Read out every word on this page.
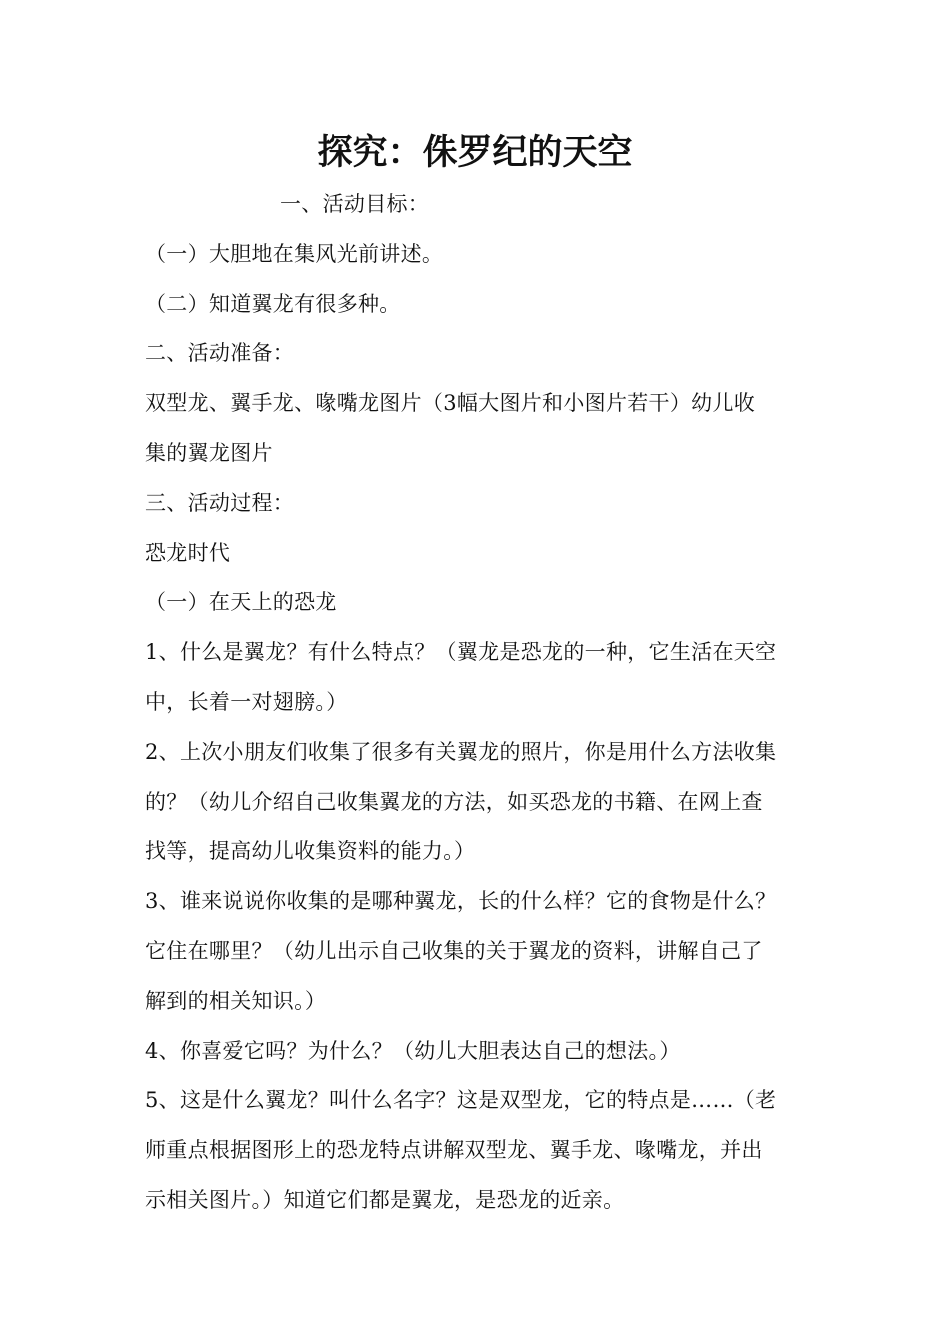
探究：侏罗纪的天空
一、活动目标：
（一）大胆地在集风光前讲述。
（二）知道翼龙有很多种。
二、活动准备：
双型龙、翼手龙、喙嘴龙图片（3幅大图片和小图片若干）幼儿收
集的翼龙图片
三、活动过程：
恐龙时代
（一）在天上的恐龙
1、什么是翼龙？有什么特点？（翼龙是恐龙的一种，它生活在天空
中，长着一对翅膀。）
2、上次小朋友们收集了很多有关翼龙的照片，你是用什么方法收集
的？（幼儿介绍自己收集翼龙的方法，如买恐龙的书籍、在网上查
找等，提高幼儿收集资料的能力。）
3、谁来说说你收集的是哪种翼龙，长的什么样？它的食物是什么？
它住在哪里？（幼儿出示自己收集的关于翼龙的资料，讲解自己了
解到的相关知识。）
4、你喜爱它吗？为什么？（幼儿大胆表达自己的想法。）
5、这是什么翼龙？叫什么名字？这是双型龙，它的特点是……（老
师重点根据图形上的恐龙特点讲解双型龙、翼手龙、喙嘴龙，并出
示相关图片。）知道它们都是翼龙，是恐龙的近亲。
